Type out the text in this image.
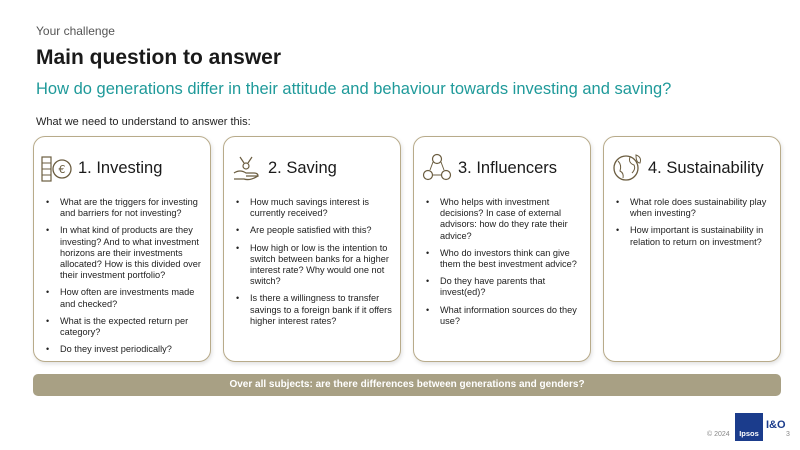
Your challenge
Main question to answer
How do generations differ in their attitude and behaviour towards investing and saving?
What we need to understand to answer this:
€ 1. Investing
• What are the triggers for investing and barriers for not investing?
• In what kind of products are they investing? And to what investment horizons are their investments allocated? How is this divided over their investment portfolio?
• How often are investments made and checked?
• What is the expected return per category?
• Do they invest periodically?
2. Saving
• How much savings interest is currently received?
• Are people satisfied with this?
• How high or low is the intention to switch between banks for a higher interest rate? Why would one not switch?
• Is there a willingness to transfer savings to a foreign bank if it offers higher interest rates?
3. Influencers
• Who helps with investment decisions? In case of external advisors: how do they rate their advice?
• Who do investors think can give them the best investment advice?
• Do they have parents that invest(ed)?
• What information sources do they use?
4. Sustainability
• What role does sustainability play when investing?
• How important is sustainability in relation to return on investment?
Over all subjects: are there differences between generations and genders?
© 2024	Ipsos
I&O
3
